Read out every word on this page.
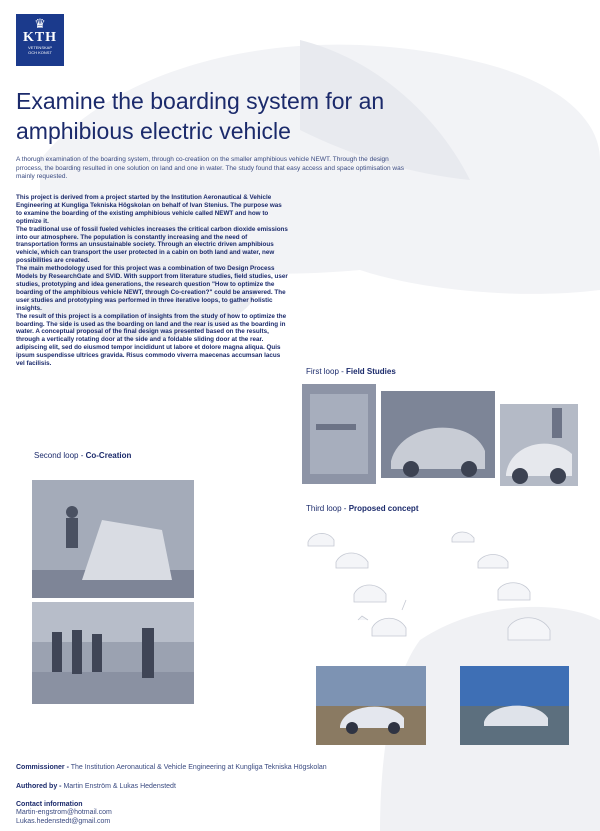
♛
KTH
VETENSKAP
OCH KONST
Examine the boarding system for an amphibious electric vehicle
A thorugh examination of the boarding system, through co-creatiion on the smaller amphibious vehicle NEWT. Through the design prrocess, the boarding resulted in one solution on land and one in water. The study found that easy access and space optimisation was mainly requested.

This project is derived from a project started by the Institution Aeronautical & Vehicle Engineering at Kungliga Tekniska Högskolan on behalf of Ivan Stenius. The purpose was to examine the boarding of the existing amphibious vehicle called NEWT and how to optimize it.

The traditional use of fossil fueled vehicles increases the critical carbon dioxide emissions into our atmosphere. The population is constantly increasing and the need of transportation forms an unsustainable society. Through an electric driven amphibious vehicle, which can transport the user protected in a cabin on both land and water, new possibilities are created.

The main methodology used for this project was a combination of two Design Process Models by ResearchGate and SVID. With support from literature studies, field studies, user studies, prototyping and idea generations, the research question "How to optimize the boarding of the amphibious vehicle NEWT, through Co-creation?" could be answered. The user studies and prototyping was performed in three iterative loops, to gather holistic insights.

The result of this project is a compilation of insights from the study of how to optimize the boarding. The side is used as the boarding on land and the rear is used as the boarding in water. A conceptual proposal of the final design was presented based on the results, through a vertically rotating door at the side and a foldable sliding door at the rear.

adipiscing elit, sed do eiusmod tempor incididunt ut labore et dolore magna aliqua. Quis ipsum suspendisse ultrices gravida. Risus commodo viverra maecenas accumsan lacus vel facilisis.

First loop - Field Studies
Second loop - Co-Creation
Third loop - Proposed concept
Commissioner - The Institution Aeronautical & Vehicle Engineering at Kungliga Tekniska Högskolan
Authored by - Martin Enström & Lukas Hedenstedt
Contact information
Martin-engstrom@hotmail.com
Lukas.hedenstedt@gmail.com
